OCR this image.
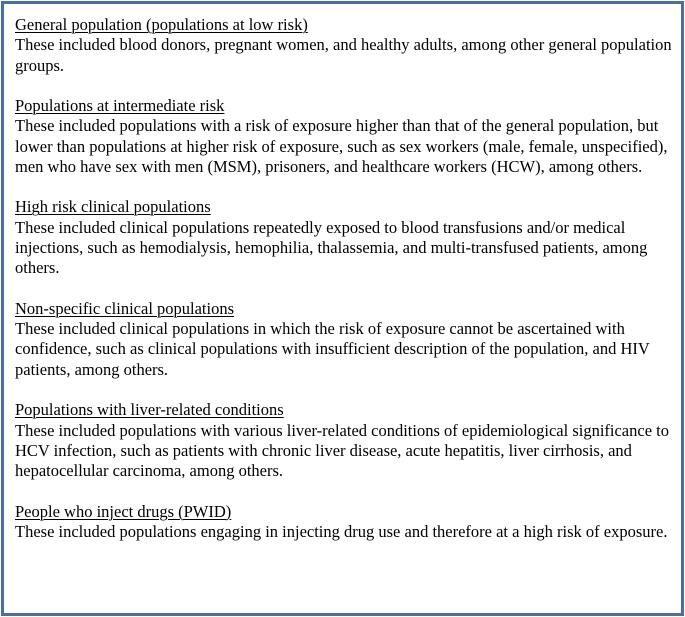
General population (populations at low risk)
These included blood donors, pregnant women, and healthy adults, among other general population groups.
Populations at intermediate risk
These included populations with a risk of exposure higher than that of the general population, but lower than populations at higher risk of exposure, such as sex workers (male, female, unspecified), men who have sex with men (MSM), prisoners, and healthcare workers (HCW), among others.
High risk clinical populations
These included clinical populations repeatedly exposed to blood transfusions and/or medical injections, such as hemodialysis, hemophilia, thalassemia, and multi-transfused patients, among others.
Non-specific clinical populations
These included clinical populations in which the risk of exposure cannot be ascertained with confidence, such as clinical populations with insufficient description of the population, and HIV patients, among others.
Populations with liver-related conditions
These included populations with various liver-related conditions of epidemiological significance to HCV infection, such as patients with chronic liver disease, acute hepatitis, liver cirrhosis, and hepatocellular carcinoma, among others.
People who inject drugs (PWID)
These included populations engaging in injecting drug use and therefore at a high risk of exposure.
